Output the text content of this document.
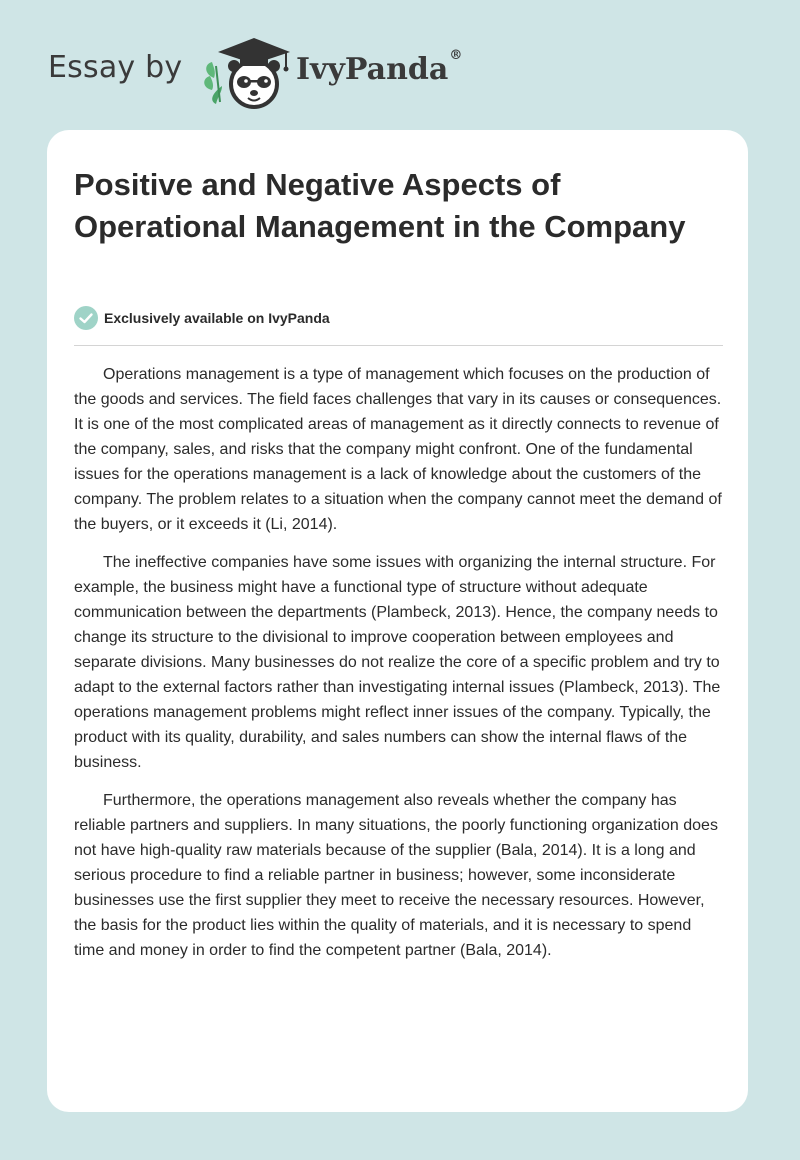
Essay by	IvyPanda®
Positive and Negative Aspects of Operational Management in the Company
Exclusively available on IvyPanda

Operations management is a type of management which focuses on the production of the goods and services. The field faces challenges that vary in its causes or consequences. It is one of the most complicated areas of management as it directly connects to revenue of the company, sales, and risks that the company might confront. One of the fundamental issues for the operations management is a lack of knowledge about the customers of the company. The problem relates to a situation when the company cannot meet the demand of the buyers, or it exceeds it (Li, 2014).

The ineffective companies have some issues with organizing the internal structure. For example, the business might have a functional type of structure without adequate communication between the departments (Plambeck, 2013). Hence, the company needs to change its structure to the divisional to improve cooperation between employees and separate divisions. Many businesses do not realize the core of a specific problem and try to adapt to the external factors rather than investigating internal issues (Plambeck, 2013). The operations management problems might reflect inner issues of the company. Typically, the product with its quality, durability, and sales numbers can show the internal flaws of the business.

Furthermore, the operations management also reveals whether the company has reliable partners and suppliers. In many situations, the poorly functioning organization does not have high-quality raw materials because of the supplier (Bala, 2014). It is a long and serious procedure to find a reliable partner in business; however, some inconsiderate businesses use the first supplier they meet to receive the necessary resources. However, the basis for the product lies within the quality of materials, and it is necessary to spend time and money in order to find the competent partner (Bala, 2014).
